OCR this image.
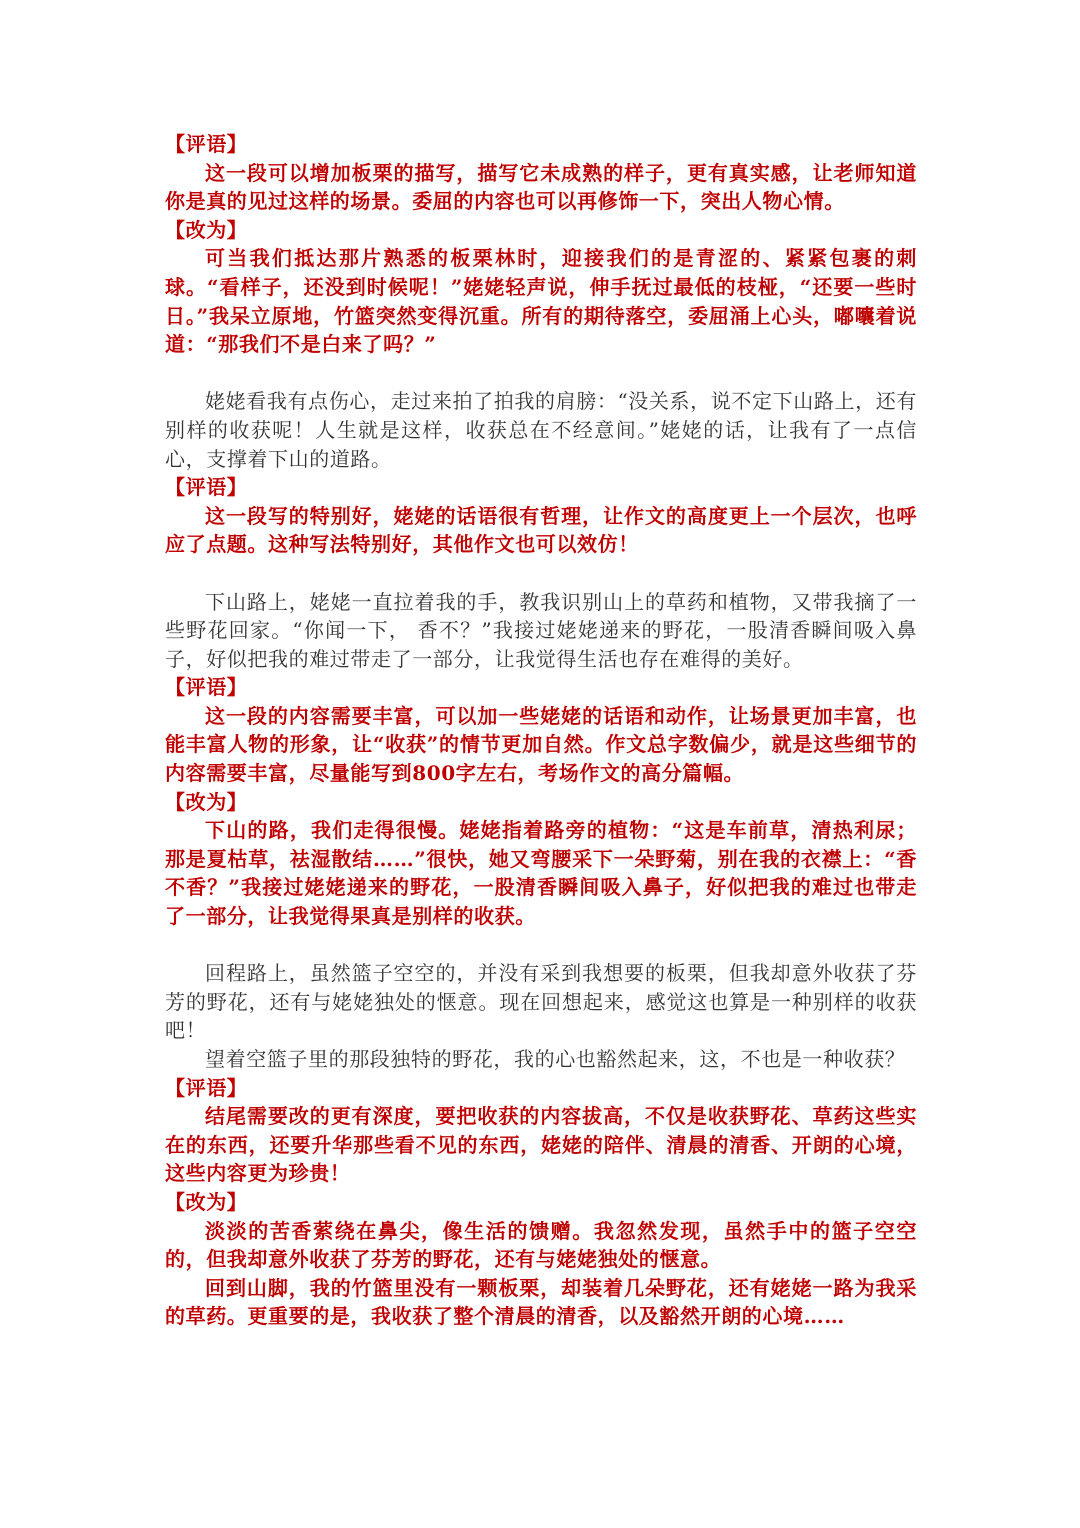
【评语】

这一段可以增加板栗的描写，描写它未成熟的样子，更有真实感，让老师知道你是真的见过这样的场景。委屈的内容也可以再修饰一下，突出人物心情。

【改为】

可当我们抵达那片熟悉的板栗林时，迎接我们的是青涩的、紧紧包裹的刺球。“看样子，还没到时候呢！”姥姥轻声说，伸手抚过最低的枝桠，“还要一些时日。”我呆立原地，竹篮突然变得沉重。所有的期待落空，委屈涌上心头，嘟囔着说道：“那我们不是白来了吗？”

姥姥看我有点伤心，走过来拍了拍我的肩膀：“没关系，说不定下山路上，还有别样的收获呢！人生就是这样，收获总在不经意间。”姥姥的话，让我有了一点信心，支撑着下山的道路。

【评语】

这一段写的特别好，姥姥的话语很有哲理，让作文的高度更上一个层次，也呼应了点题。这种写法特别好，其他作文也可以效仿！

下山路上，姥姥一直拉着我的手，教我识别山上的草药和植物，又带我摘了一些野花回家。“你闻一下， 香不？”我接过姥姥递来的野花，一股清香瞬间吸入鼻子，好似把我的难过带走了一部分，让我觉得生活也存在难得的美好。

【评语】

这一段的内容需要丰富，可以加一些姥姥的话语和动作，让场景更加丰富，也能丰富人物的形象，让“收获”的情节更加自然。作文总字数偏少，就是这些细节的内容需要丰富，尽量能写到800字左右，考场作文的高分篇幅。

【改为】

下山的路，我们走得很慢。姥姥指着路旁的植物：“这是车前草，清热利尿；那是夏枯草，祛湿散结……”很快，她又弯腰采下一朵野菊，别在我的衣襟上：“香不香？”我接过姥姥递来的野花，一股清香瞬间吸入鼻子，好似把我的难过也带走了一部分，让我觉得果真是别样的收获。

回程路上，虽然篮子空空的，并没有采到我想要的板栗，但我却意外收获了芬芳的野花，还有与姥姥独处的惬意。现在回想起来，感觉这也算是一种别样的收获吧！

望着空篮子里的那段独特的野花，我的心也豁然起来，这，不也是一种收获？

【评语】

结尾需要改的更有深度，要把收获的内容拔高，不仅是收获野花、草药这些实在的东西，还要升华那些看不见的东西，姥姥的陪伴、清晨的清香、开朗的心境，这些内容更为珍贵！

【改为】

淡淡的苦香萦绕在鼻尖，像生活的馈赠。我忽然发现，虽然手中的篮子空空的，但我却意外收获了芬芳的野花，还有与姥姥独处的惬意。

回到山脚，我的竹篮里没有一颗板栗，却装着几朵野花，还有姥姥一路为我采的草药。更重要的是，我收获了整个清晨的清香，以及豁然开朗的心境……
